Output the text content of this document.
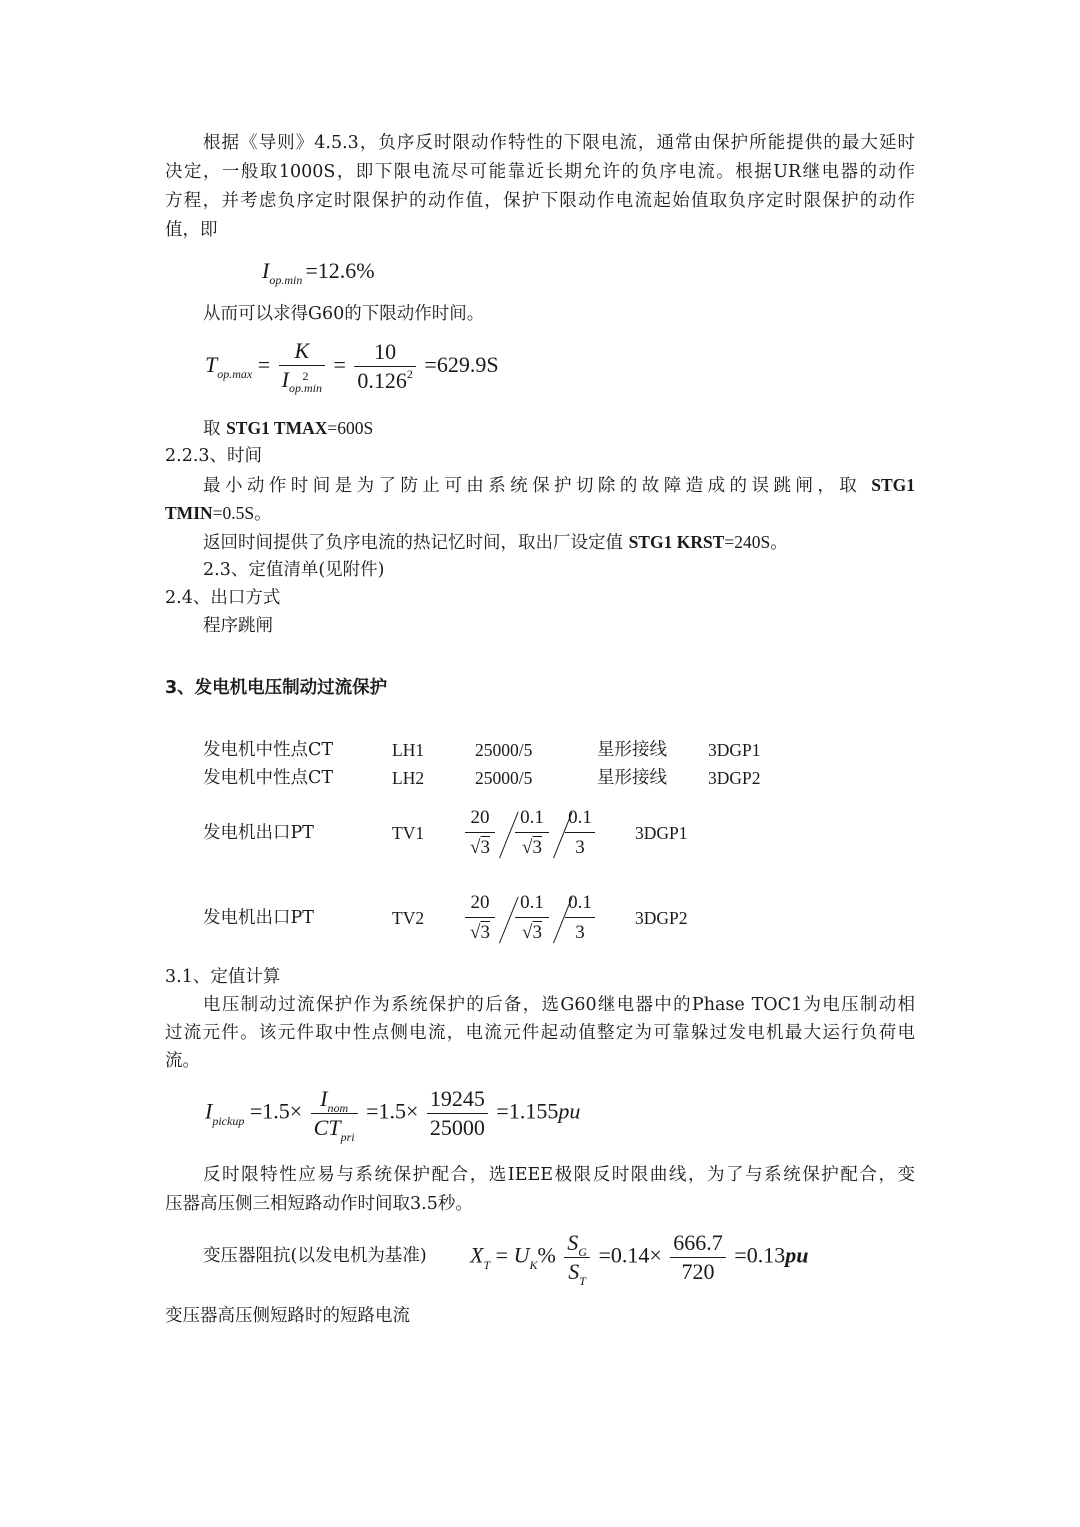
根据《导则》4.5.3，负序反时限动作特性的下限电流，通常由保护所能提供的最大延时
决定，一般取1000S，即下限电流尽可能靠近长期允许的负序电流。根据UR继电器的动作
方程，并考虑负序定时限保护的动作值，保护下限动作电流起始值取负序定时限保护的动作
值，即
$I_{op.min} =12.6\%$
从而可以求得G60的下限动作时间。
$T_{op.max} = K$
I	2
$op.\min = \frac{10}{0.126^2} =629.9S$
取 STG1 TMAX=600S
2.2.3、时间
最小动作时间是为了防止可由系统保护切除的故障造成的误跳闸，取 STG1
TMIN=0.5S。
返回时间提供了负序电流的热记忆时间，取出厂设定值 STG1 KRST=240S。
2.3、定值清单(见附件)
2.4、出口方式
程序跳闸
3、发电机电压制动过流保护
发电机中性点CT	LH1	25000/5	星形接线 3DGP1
发电机中性点CT	LH2	25000/5	星形接线 3DGP2
发电机出口PT	TV1
20
√3
0.1
√3
0.1
3
3DGP1
发电机出口PT	TV2
20
√3
0.1
√3
0.1
3
3DGP2
3.1、定值计算
电压制动过流保护作为系统保护的后备，选G60继电器中的Phase TOC1为电压制动相
过流元件。该元件取中性点侧电流，电流元件起动值整定为可靠躲过发电机最大运行负荷电
流。
$I_{pickup} =1.5\times \frac{I_{nom}}{CT_{pri}} =1.5\times \frac{19245}{25000} =1.155pu$
反时限特性应易与系统保护配合，选IEEE极限反时限曲线，为了与系统保护配合，变
压器高压侧三相短路动作时间取3.5秒。
变压器阻抗(以发电机为基准) $X_T = U_K\% \frac{S_G}{S_T} =0.14\times \frac{666.7}{720} =0.13pu$
变压器高压侧短路时的短路电流
